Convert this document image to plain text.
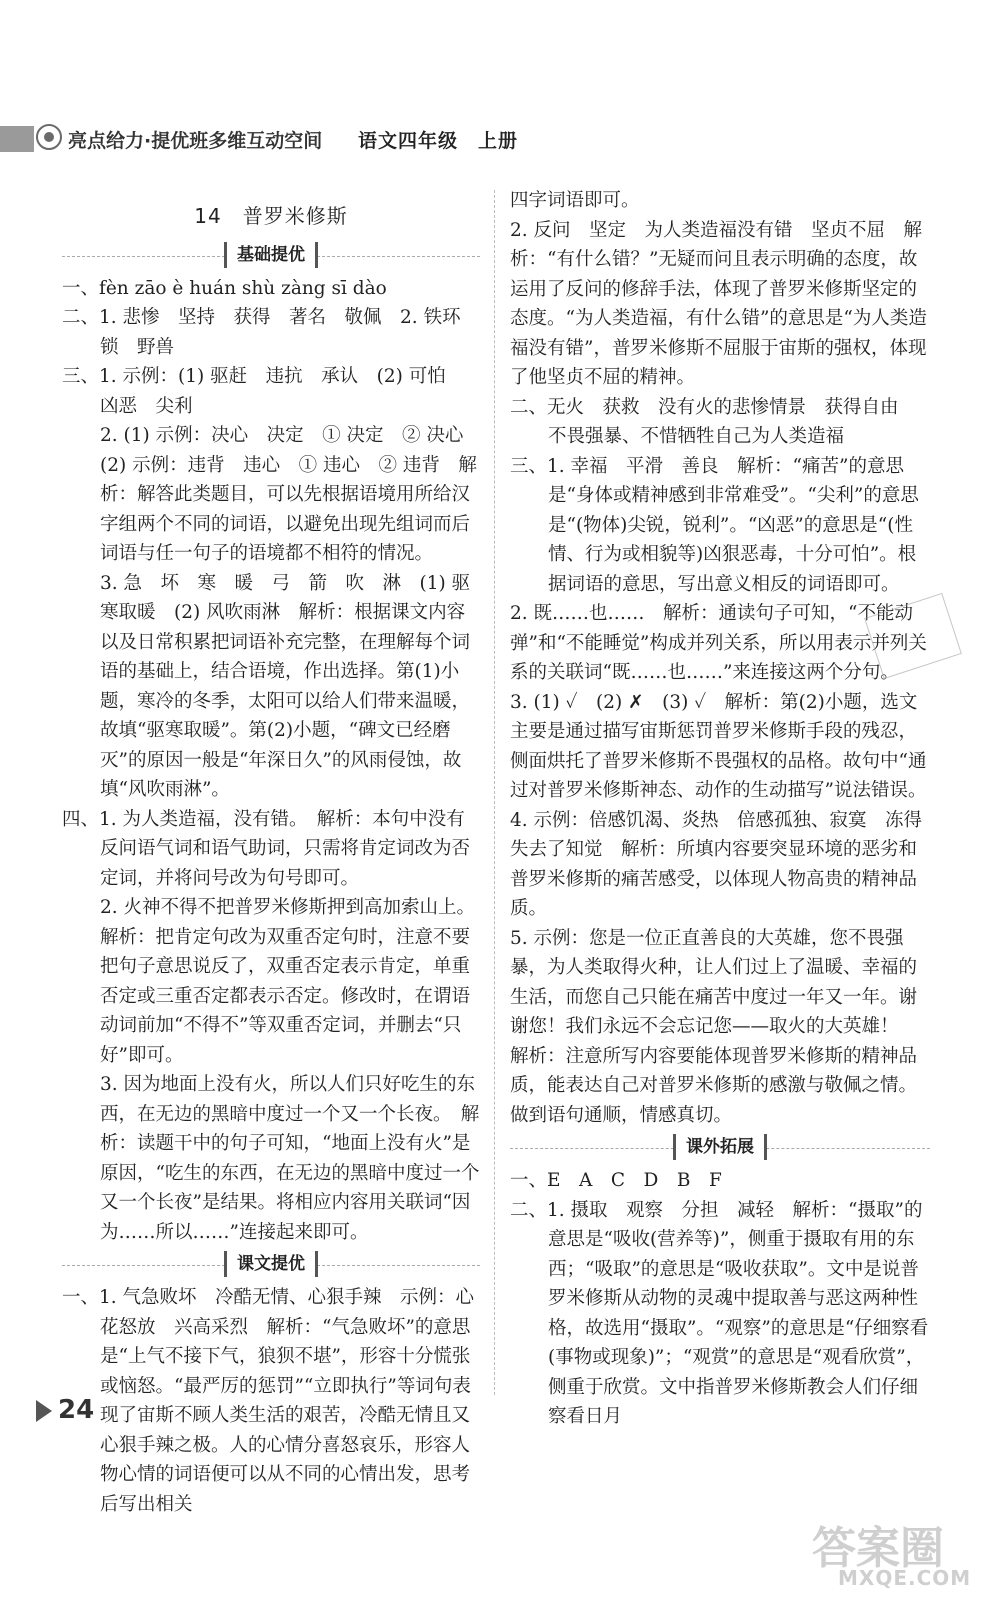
亮点给力·提优班多维互动空间 语文四年级　上册
14　普罗米修斯
基础提优

一、fèn zāo è huán shù zàng sī dào

二、1. 悲惨　坚持　获得　著名　敬佩　2. 铁环　锁　野兽

三、1. 示例：(1) 驱赶　违抗　承认　(2) 可怕　凶恶　尖利

2. (1) 示例：决心　决定　① 决定　② 决心　(2) 示例：违背　违心　① 违心　② 违背　解析：解答此类题目，可以先根据语境用所给汉字组两个不同的词语，以避免出现先组词而后词语与任一句子的语境都不相符的情况。

3. 急　坏　寒　暖　弓　箭　吹　淋　(1) 驱寒取暖　(2) 风吹雨淋　解析：根据课文内容以及日常积累把词语补充完整，在理解每个词语的基础上，结合语境，作出选择。第(1)小题，寒冷的冬季，太阳可以给人们带来温暖，故填“驱寒取暖”。第(2)小题，“碑文已经磨灭”的原因一般是“年深日久”的风雨侵蚀，故填“风吹雨淋”。

四、1. 为人类造福，没有错。　解析：本句中没有反问语气词和语气助词，只需将肯定词改为否定词，并将问号改为句号即可。

2. 火神不得不把普罗米修斯押到高加索山上。　解析：把肯定句改为双重否定句时，注意不要把句子意思说反了，双重否定表示肯定，单重否定或三重否定都表示否定。修改时，在谓语动词前加“不得不”等双重否定词，并删去“只好”即可。

3. 因为地面上没有火，所以人们只好吃生的东西，在无边的黑暗中度过一个又一个长夜。　解析：读题干中的句子可知，“地面上没有火”是原因，“吃生的东西，在无边的黑暗中度过一个又一个长夜”是结果。将相应内容用关联词“因为……所以……”连接起来即可。

课文提优

一、1. 气急败坏　冷酷无情、心狠手辣　示例：心花怒放　兴高采烈　解析：“气急败坏”的意思是“上气不接下气，狼狈不堪”，形容十分慌张或恼怒。“最严厉的惩罚”“立即执行”等词句表现了宙斯不顾人类生活的艰苦，冷酷无情且又心狠手辣之极。人的心情分喜怒哀乐，形容人物心情的词语便可以从不同的心情出发，思考后写出相关

四字词语即可。

2. 反问　坚定　为人类造福没有错　坚贞不屈　解析：“有什么错？”无疑而问且表示明确的态度，故运用了反问的修辞手法，体现了普罗米修斯坚定的态度。“为人类造福，有什么错”的意思是“为人类造福没有错”，普罗米修斯不屈服于宙斯的强权，体现了他坚贞不屈的精神。

二、无火　获救　没有火的悲惨情景　获得自由　不畏强暴、不惜牺牲自己为人类造福

三、1. 幸福　平滑　善良　解析：“痛苦”的意思是“身体或精神感到非常难受”。“尖利”的意思是“(物体)尖锐，锐利”。“凶恶”的意思是“(性情、行为或相貌等)凶狠恶毒，十分可怕”。根据词语的意思，写出意义相反的词语即可。

2. 既……也……　解析：通读句子可知，“不能动弹”和“不能睡觉”构成并列关系，所以用表示并列关系的关联词“既……也……”来连接这两个分句。

3. (1) ✓　(2) ✗　(3) ✓　解析：第(2)小题，选文主要是通过描写宙斯惩罚普罗米修斯手段的残忍，侧面烘托了普罗米修斯不畏强权的品格。故句中“通过对普罗米修斯神态、动作的生动描写”说法错误。

4. 示例：倍感饥渴、炎热　倍感孤独、寂寞　冻得失去了知觉　解析：所填内容要突显环境的恶劣和普罗米修斯的痛苦感受，以体现人物高贵的精神品质。

5. 示例：您是一位正直善良的大英雄，您不畏强暴，为人类取得火种，让人们过上了温暖、幸福的生活，而您自己只能在痛苦中度过一年又一年。谢谢您！我们永远不会忘记您——取火的大英雄！　解析：注意所写内容要能体现普罗米修斯的精神品质，能表达自己对普罗米修斯的感激与敬佩之情。做到语句通顺，情感真切。

课外拓展

一、E　A　C　D　B　F

二、1. 摄取　观察　分担　减轻　解析：“摄取”的意思是“吸收(营养等)”，侧重于摄取有用的东西；“吸取”的意思是“吸收获取”。文中是说普罗米修斯从动物的灵魂中提取善与恶这两种性格，故选用“摄取”。“观察”的意思是“仔细察看(事物或现象)”；“观赏”的意思是“观看欣赏”，侧重于欣赏。文中指普罗米修斯教会人们仔细察看日月

24
答案圈
MXQE.COM
